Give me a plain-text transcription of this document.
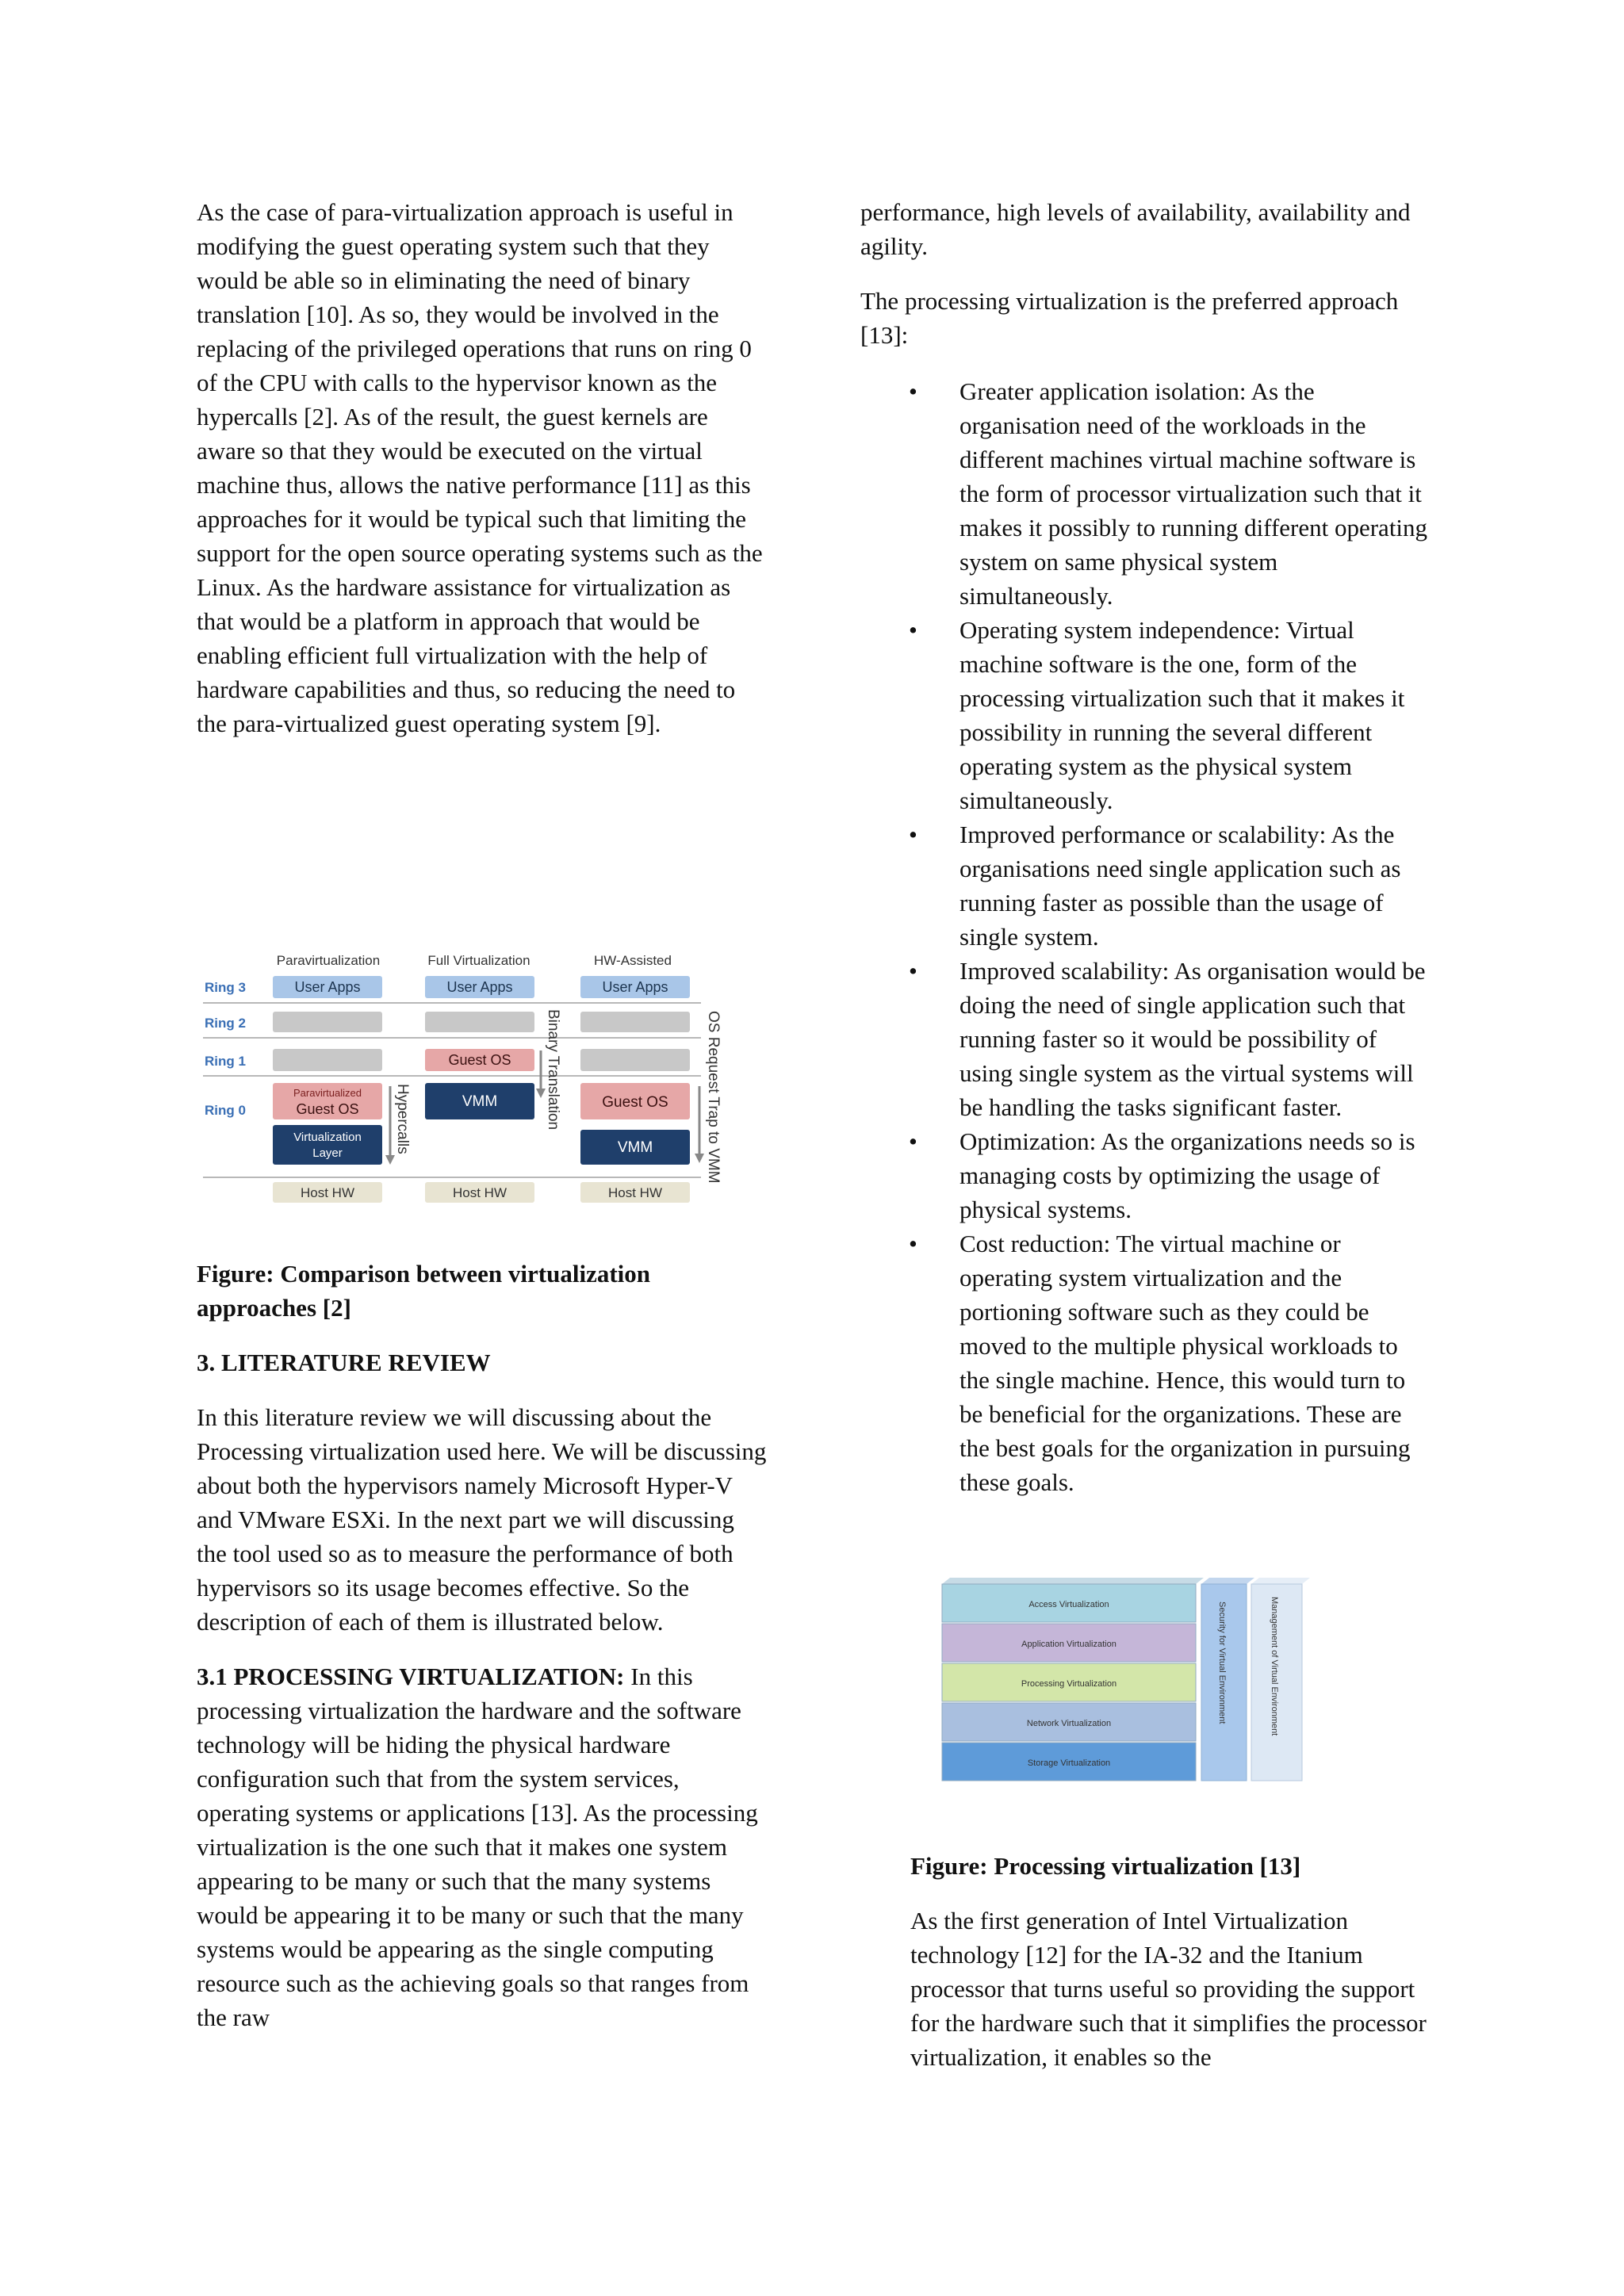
As the case of para-virtualization approach is useful in modifying the guest operating system such that they would be able so in eliminating the need of binary translation [10]. As so, they would be involved in the replacing of the privileged operations that runs on ring 0 of the CPU with calls to the hypervisor known as the hypercalls [2]. As of the result, the guest kernels are aware so that they would be executed on the virtual machine thus, allows the native performance [11] as this approaches for it would be typical such that limiting the support for the open source operating systems such as the Linux. As the hardware assistance for virtualization as that would be a platform in approach that would be enabling efficient full virtualization with the help of hardware capabilities and thus, so reducing the need to the para-virtualized guest operating system [9].

Paravirtualization	Full Virtualization	HW-Assisted
Ring 3
Ring 2
Ring 1
Ring 0
User Apps
Paravirtualized
Guest OS
Virtualization
Layer
Host HW
Hypercalls
User Apps
Guest OS
VMM
Host HW
Binary Translation
User Apps
Guest OS
VMM
Host HW
OS Request Trap to VMM

Figure: Comparison between virtualization approaches [2]

3. LITERATURE REVIEW

In this literature review we will discussing about the Processing virtualization used here. We will be discussing about both the hypervisors namely Microsoft Hyper-V and VMware ESXi. In the next part we will discussing the tool used so as to measure the performance of both hypervisors so its usage becomes effective. So the description of each of them is illustrated below.

3.1 PROCESSING VIRTUALIZATION: In this processing virtualization the hardware and the software technology will be hiding the physical hardware configuration such that from the system services, operating systems or applications [13]. As the processing virtualization is the one such that it makes one system appearing to be many or such that the many systems would be appearing it to be many or such that the many systems would be appearing as the single computing resource such as the achieving goals so that ranges from the raw

performance, high levels of availability, availability and agility.

The processing virtualization is the preferred approach [13]:

• Greater application isolation: As the organisation need of the workloads in the different machines virtual machine software is the form of processor virtualization such that it makes it possibly to running different operating system on same physical system simultaneously.
• Operating system independence: Virtual machine software is the one, form of the processing virtualization such that it makes it possibility in running the several different operating system as the physical system simultaneously.
• Improved performance or scalability: As the organisations need single application such as running faster as possible than the usage of single system.
• Improved scalability: As organisation would be doing the need of single application such that running faster so it would be possibility of using single system as the virtual systems will be handling the tasks significant faster.
• Optimization: As the organizations needs so is managing costs by optimizing the usage of physical systems.
• Cost reduction: The virtual machine or operating system virtualization and the portioning software such as they could be moved to the multiple physical workloads to the single machine. Hence, this would turn to be beneficial for the organizations. These are the best goals for the organization in pursuing these goals.
Access Virtualization
Application Virtualization
Processing Virtualization
Network Virtualization
Storage Virtualization
Security for Virtual Environment	Management of Virtual Environment

Figure: Processing virtualization [13]

As the first generation of Intel Virtualization technology [12] for the IA-32 and the Itanium processor that turns useful so providing the support for the hardware such that it simplifies the processor virtualization, it enables so the
